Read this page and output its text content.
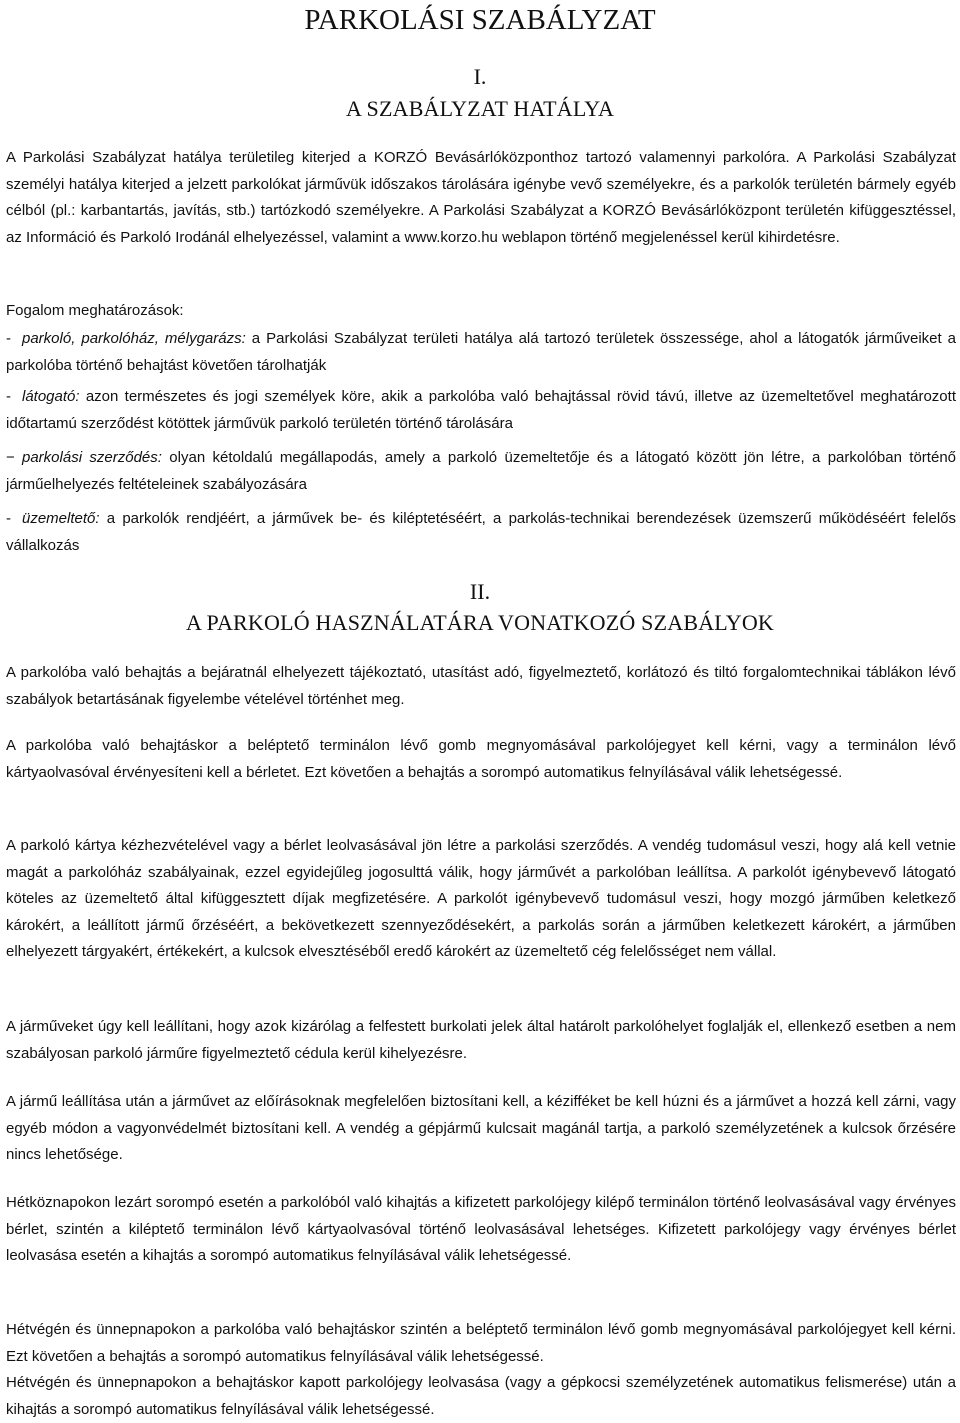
PARKOLÁSI SZABÁLYZAT
I.
A SZABÁLYZAT HATÁLYA

A Parkolási Szabályzat hatálya területileg kiterjed a KORZÓ Bevásárlóközponthoz tartozó valamennyi parkolóra. A Parkolási Szabályzat személyi hatálya kiterjed a jelzett parkolókat járművük időszakos tárolására igénybe vevő személyekre, és a parkolók területén bármely egyéb célból (pl.: karbantartás, javítás, stb.) tartózkodó személyekre. A Parkolási Szabályzat a KORZÓ Bevásárlóközpont területén kifüggesztéssel, az Információ és Parkoló Irodánál elhelyezéssel, valamint a www.korzo.hu weblapon történő megjelenéssel kerül kihirdetésre.

Fogalom meghatározások:

‑ parkoló, parkolóház, mélygarázs: a Parkolási Szabályzat területi hatálya alá tartozó területek összessége, ahol a látogatók járműveiket a parkolóba történő behajtást követően tárolhatják

‑ látogató: azon természetes és jogi személyek köre, akik a parkolóba való behajtással rövid távú, illetve az üzemeltetővel meghatározott időtartamú szerződést kötöttek járművük parkoló területén történő tárolására

− parkolási szerződés: olyan kétoldalú megállapodás, amely a parkoló üzemeltetője és a látogató között jön létre, a parkolóban történő járműelhelyezés feltételeinek szabályozására

‑ üzemeltető: a parkolók rendjéért, a járművek be- és kiléptetéséért, a parkolás-technikai berendezések üzemszerű működéséért felelős vállalkozás

II.
A PARKOLÓ HASZNÁLATÁRA VONATKOZÓ SZABÁLYOK

A parkolóba való behajtás a bejáratnál elhelyezett tájékoztató, utasítást adó, figyelmeztető, korlátozó és tiltó forgalomtechnikai táblákon lévő szabályok betartásának figyelembe vételével történhet meg.

A parkolóba való behajtáskor a beléptető terminálon lévő gomb megnyomásával parkolójegyet kell kérni, vagy a terminálon lévő kártyaolvasóval érvényesíteni kell a bérletet. Ezt követően a behajtás a sorompó automatikus felnyílásával válik lehetségessé.

A parkoló kártya kézhezvételével vagy a bérlet leolvasásával jön létre a parkolási szerződés. A vendég tudomásul veszi, hogy alá kell vetnie magát a parkolóház szabályainak, ezzel egyidejűleg jogosulttá válik, hogy járművét a parkolóban leállítsa. A parkolót igénybevevő látogató köteles az üzemeltető által kifüggesztett díjak megfizetésére. A parkolót igénybevevő tudomásul veszi, hogy mozgó járműben keletkező károkért, a leállított jármű őrzéséért, a bekövetkezett szennyeződésekért, a parkolás során a járműben keletkezett károkért, a járműben elhelyezett tárgyakért, értékekért, a kulcsok elvesztéséből eredő károkért az üzemeltető cég felelősséget nem vállal.

A járműveket úgy kell leállítani, hogy azok kizárólag a felfestett burkolati jelek által határolt parkolóhelyet foglalják el, ellenkező esetben a nem szabályosan parkoló járműre figyelmeztető cédula kerül kihelyezésre.

A jármű leállítása után a járművet az előírásoknak megfelelően biztosítani kell, a kézifféket be kell húzni és a járművet a hozzá kell zárni, vagy egyéb módon a vagyonvédelmét biztosítani kell. A vendég a gépjármű kulcsait magánál tartja, a parkoló személyzetének a kulcsok őrzésére nincs lehetősége.

Hétköznapokon lezárt sorompó esetén a parkolóból való kihajtás a kifizetett parkolójegy kilépő terminálon történő leolvasásával vagy érvényes bérlet, szintén a kiléptető terminálon lévő kártyaolvasóval történő leolvasásával lehetséges. Kifizetett parkolójegy vagy érvényes bérlet leolvasása esetén a kihajtás a sorompó automatikus felnyílásával válik lehetségessé.

Hétvégén és ünnepnapokon a parkolóba való behajtáskor szintén a beléptető terminálon lévő gomb megnyomásával parkolójegyet kell kérni. Ezt követően a behajtás a sorompó automatikus felnyílásával válik lehetségessé.

Hétvégén és ünnepnapokon a behajtáskor kapott parkolójegy leolvasása (vagy a gépkocsi személyzetének automatikus felismerése) után a kihajtás a sorompó automatikus felnyílásával válik lehetségessé.
